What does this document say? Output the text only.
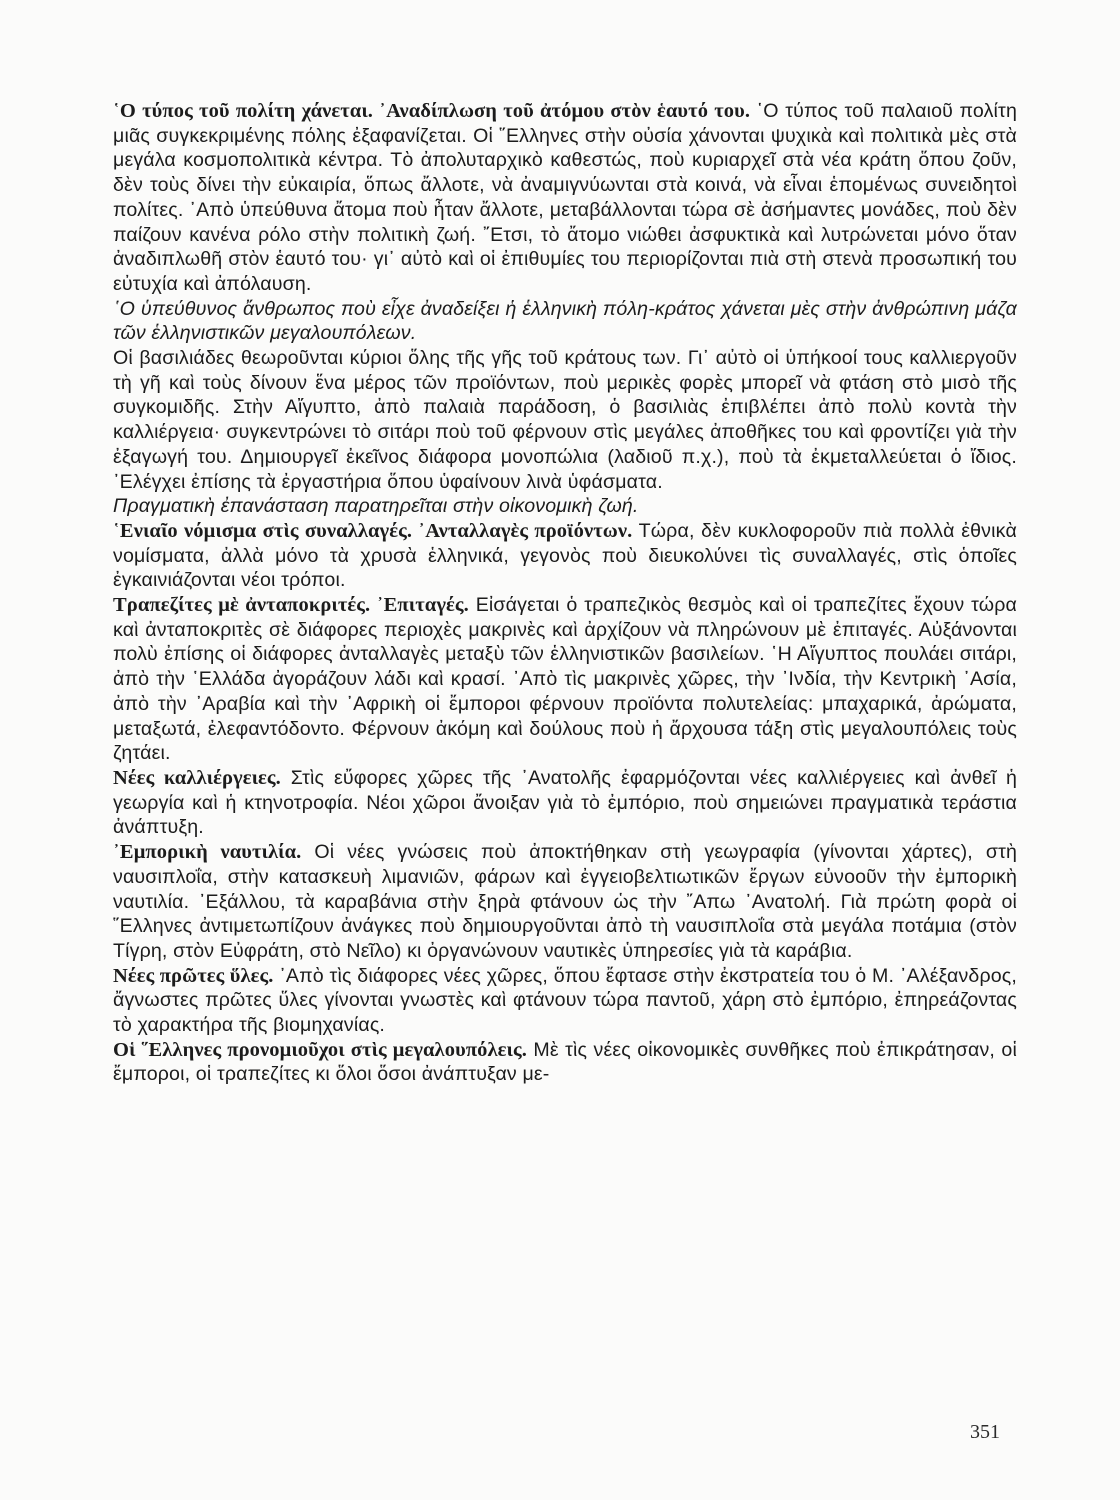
῾Ο τύπος τοῦ πολίτη χάνεται. ᾿Αναδίπλωση τοῦ ἀτόμου στὸν ἑαυτό του. ῾Ο τύπος τοῦ παλαιοῦ πολίτη μιᾶς συγκεκριμένης πόλης ἐξαφανίζεται. Οἱ ῞Ελληνες στὴν οὐσία χάνονται ψυχικὰ καὶ πολιτικὰ μὲς στὰ μεγάλα κοσμοπολιτικὰ κέντρα. Τὸ ἀπολυταρχικὸ καθεστώς, ποὺ κυριαρχεῖ στὰ νέα κράτη ὅπου ζοῦν, δὲν τοὺς δίνει τὴν εὐκαιρία, ὅπως ἄλλοτε, νὰ ἀναμιγνύωνται στὰ κοινά, νὰ εἶναι ἑπομένως συνειδητοὶ πολίτες. ᾿Απὸ ὑπεύθυνα ἄτομα ποὺ ἦταν ἄλλοτε, μεταβάλλονται τώρα σὲ ἀσήμαντες μονάδες, ποὺ δὲν παίζουν κανένα ρόλο στὴν πολιτικὴ ζωή. ῎Ετσι, τὸ ἄτομο νιώθει ἀσφυκτικὰ καὶ λυτρώνεται μόνο ὅταν ἀναδιπλωθῆ στὸν ἑαυτό του· γι᾿ αὐτὸ καὶ οἱ ἐπιθυμίες του περιορίζονται πιὰ στὴ στενὰ προσωπική του εὐτυχία καὶ ἀπόλαυση.

῾Ο ὑπεύθυνος ἄνθρωπος ποὺ εἶχε ἀναδείξει ἡ ἑλληνικὴ πόλη-κράτος χάνεται μὲς στὴν ἀνθρώπινη μάζα τῶν ἑλληνιστικῶν μεγαλουπόλεων.

Οἱ βασιλιάδες θεωροῦνται κύριοι ὅλης τῆς γῆς τοῦ κράτους των. Γι᾿ αὐτὸ οἱ ὑπήκοοί τους καλλιεργοῦν τὴ γῆ καὶ τοὺς δίνουν ἕνα μέρος τῶν προϊόντων, ποὺ μερικὲς φορὲς μπορεῖ νὰ φτάση στὸ μισὸ τῆς συγκομιδῆς. Στὴν Αἴγυπτο, ἀπὸ παλαιὰ παράδοση, ὁ βασιλιὰς ἐπιβλέπει ἀπὸ πολὺ κοντὰ τὴν καλλιέργεια· συγκεντρώνει τὸ σιτάρι ποὺ τοῦ φέρνουν στὶς μεγάλες ἀποθῆκες του καὶ φροντίζει γιὰ τὴν ἐξαγωγή του. Δημιουργεῖ ἐκεῖνος διάφορα μονοπώλια (λαδιοῦ π.χ.), ποὺ τὰ ἐκμεταλλεύεται ὁ ἴδιος. ᾿Ελέγχει ἐπίσης τὰ ἐργαστήρια ὅπου ὑφαίνουν λινὰ ὑφάσματα.

Πραγματικὴ ἐπανάσταση παρατηρεῖται στὴν οἰκονομικὴ ζωή.

῾Ενιαῖο νόμισμα στὶς συναλλαγές. ᾿Ανταλλαγὲς προϊόντων. Τώρα, δὲν κυκλοφοροῦν πιὰ πολλὰ ἐθνικὰ νομίσματα, ἀλλὰ μόνο τὰ χρυσὰ ἑλληνικά, γεγονὸς ποὺ διευκολύνει τὶς συναλλαγές, στὶς ὁποῖες ἐγκαινιάζονται νέοι τρόποι.

Τραπεζίτες μὲ ἀνταποκριτές. ᾿Επιταγές. Εἰσάγεται ὁ τραπεζικὸς θεσμὸς καὶ οἱ τραπεζίτες ἔχουν τώρα καὶ ἀνταποκριτὲς σὲ διάφορες περιοχὲς μακρινὲς καὶ ἀρχίζουν νὰ πληρώνουν μὲ ἐπιταγές. Αὐξάνονται πολὺ ἐπίσης οἱ διάφορες ἀνταλλαγὲς μεταξὺ τῶν ἑλληνιστικῶν βασιλείων. ῾Η Αἴγυπτος πουλάει σιτάρι, ἀπὸ τὴν ῾Ελλάδα ἀγοράζουν λάδι καὶ κρασί. ᾿Απὸ τὶς μακρινὲς χῶρες, τὴν ᾿Ινδία, τὴν Κεντρικὴ ᾿Ασία, ἀπὸ τὴν ᾿Αραβία καὶ τὴν ᾿Αφρικὴ οἱ ἔμποροι φέρνουν προϊόντα πολυτελείας: μπαχαρικά, ἀρώματα, μεταξωτά, ἐλεφαντόδοντο. Φέρνουν ἀκόμη καὶ δούλους ποὺ ἡ ἄρχουσα τάξη στὶς μεγαλουπόλεις τοὺς ζητάει.

Νέες καλλιέργειες. Στὶς εὔφορες χῶρες τῆς ᾿Ανατολῆς ἐφαρμόζονται νέες καλλιέργειες καὶ ἀνθεῖ ἡ γεωργία καὶ ἡ κτηνοτροφία. Νέοι χῶροι ἄνοιξαν γιὰ τὸ ἐμπόριο, ποὺ σημειώνει πραγματικὰ τεράστια ἀνάπτυξη.

᾿Εμπορικὴ ναυτιλία. Οἱ νέες γνώσεις ποὺ ἀποκτήθηκαν στὴ γεωγραφία (γίνονται χάρτες), στὴ ναυσιπλοΐα, στὴν κατασκευὴ λιμανιῶν, φάρων καὶ ἐγγειοβελτιωτικῶν ἔργων εὐνοοῦν τὴν ἐμπορικὴ ναυτιλία. ᾿Εξάλλου, τὰ καραβάνια στὴν ξηρὰ φτάνουν ὡς τὴν ῎Απω ᾿Ανατολή. Γιὰ πρώτη φορὰ οἱ ῞Ελληνες ἀντιμετωπίζουν ἀνάγκες ποὺ δημιουργοῦνται ἀπὸ τὴ ναυσιπλοΐα στὰ μεγάλα ποτάμια (στὸν Τίγρη, στὸν Εὐφράτη, στὸ Νεῖλο) κι ὀργανώνουν ναυτικὲς ὑπηρεσίες γιὰ τὰ καράβια.

Νέες πρῶτες ὕλες. ᾿Απὸ τὶς διάφορες νέες χῶρες, ὅπου ἔφτασε στὴν ἐκστρατεία του ὁ Μ. ᾿Αλέξανδρος, ἄγνωστες πρῶτες ὕλες γίνονται γνωστὲς καὶ φτάνουν τώρα παντοῦ, χάρη στὸ ἐμπόριο, ἐπηρεάζοντας τὸ χαρακτήρα τῆς βιομηχανίας.

Οἱ ῞Ελληνες προνομιοῦχοι στὶς μεγαλουπόλεις. Μὲ τὶς νέες οἰκονομικὲς συνθῆκες ποὺ ἐπικράτησαν, οἱ ἔμποροι, οἱ τραπεζίτες κι ὅλοι ὅσοι ἀνάπτυξαν με-

351
